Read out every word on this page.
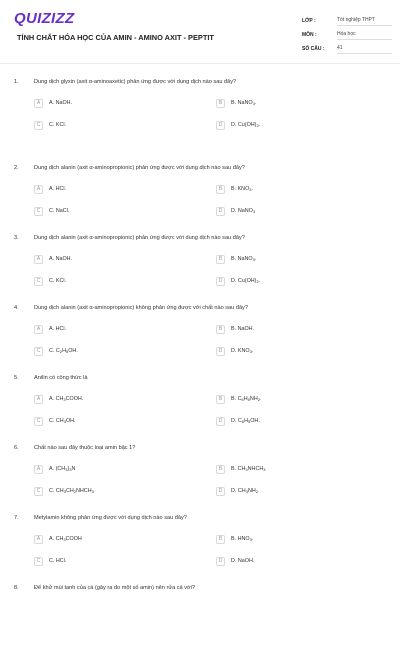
QUIZIZZ
TÍNH CHẤT HÓA HỌC CỦA AMIN - AMINO AXIT - PEPTIT
LỚP :	Tốt nghiệp THPT
MÔN :	Hóa học
SỐ CÂU :	41
1.	Dung dịch glyxin (axit α-aminoaxetic) phản ứng được với dung dịch nào sau đây?
A	A. NaOH.	B	B. NaNO$_3$.
C	C. KCl.	D	D. $Cu(OH)_2$.
2.	Dung dịch alanin (axit α-aminopropionic) phản ứng được với dung dịch nào sau đây?
A	A. HCl.	B	B. $KNO_3$.
C	C. NaCl.	D	D. NaNO$_3$
3.	Dung dịch alanin (axit α-aminopropionic) phản ứng được với dung dịch nào sau đây?
A	A. NaOH.	B	B. NaNO$_3$.
C	C. KCl.	D	D. $Cu(OH)_2$.
4.	Dung dịch alanin (axit α-aminopropionic) không phản ứng được với chất nào sau đây?
A	A. HCl.	B	B. NaOH.
C	C. $C_2H_5OH$.	D	D. $KNO_3$.
5.	Anilin có công thức là
A	A. $CH_3COOH$.	B	B. $C_6H_5NH_2$.
C	C. $CH_3OH$.	D	D. $C_6H_5OH$.
6.	Chất nào sau đây thuộc loại amin bậc 1?
A	A. $(CH_3)_3N$	B	B. $CH_3NHCH_3$
C	C. $CH_3CH_2NHCH_3$	D	D. $CH_3NH_2$
7.	Metylamin không phản ứng được với dụng dịch nào sau đây?
A	A. $CH_3COOH$	B	B. $HNO_3$.
C	C. HCl.	D	D. NaOH.
8.	Để khử mùi tanh của cá (gây ra do một số amin) nên rửa cá với?
